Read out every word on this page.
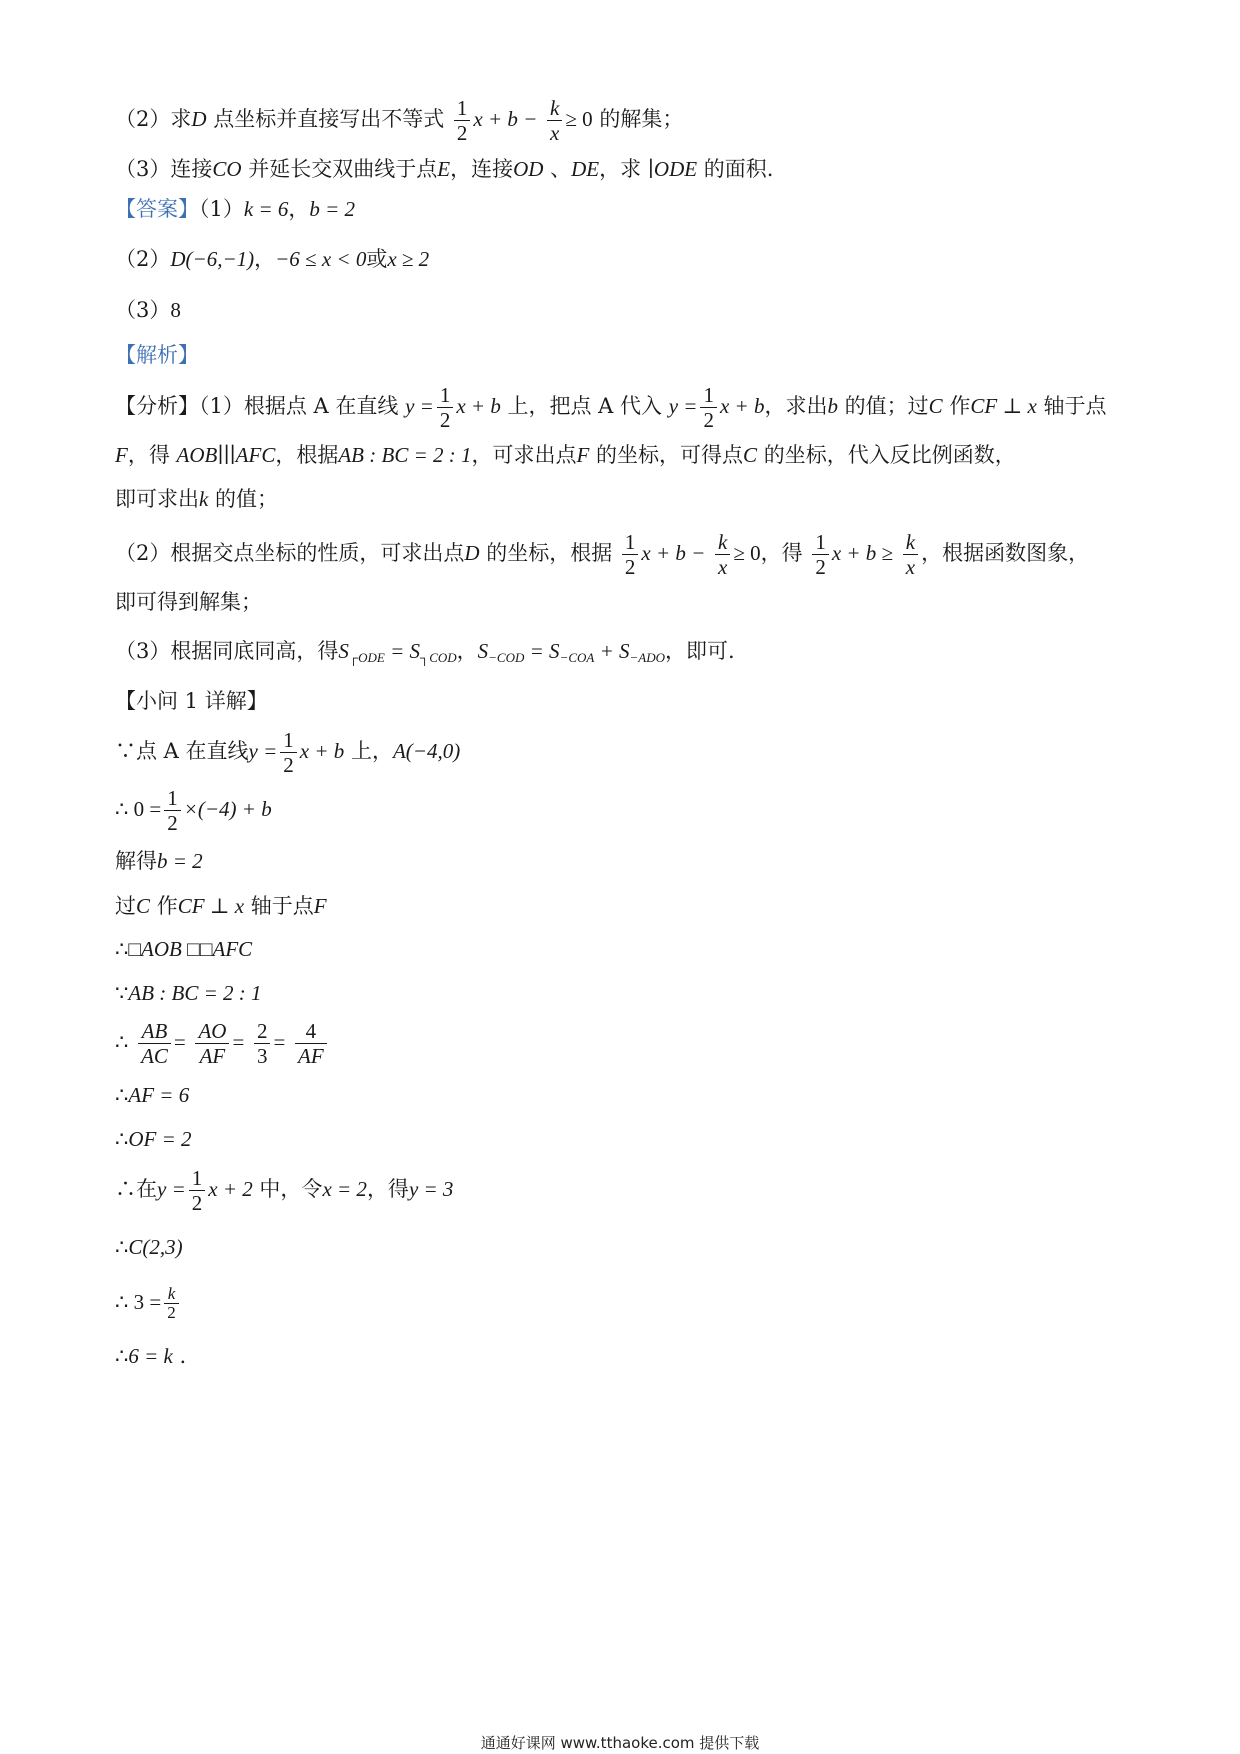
（2）求D 点坐标并直接写出不等式 $\frac{1}{2}$ $x + b - \frac{k}{x} \ge 0$ 的解集；
（3）连接CO 并延长交双曲线于点E，连接OD 、DE，求 ∣ODE 的面积.
【答案】（1）k = 6，b = 2
（2）D(−6,−1)，−6 ≤ x < 0或x ≥ 2
（3）8
【解析】
【分析】（1）根据点 A 在直线 $y = \frac{1}{2}$ x + b 上，把点 A 代入 $y = \frac{1}{2}$ x + b，求出b 的值；过C 作CF ⊥ x 轴于点
F，得 AOB∣∣∣AFC，根据AB : BC = 2 : 1，可求出点F 的坐标，可得点C 的坐标，代入反比例函数，
即可求出k 的值；
（2）根据交点坐标的性质，可求出点D 的坐标，根据 $\frac{1}{2}$ $x + b - \frac{k}{x} \ge 0$，得 $\frac{1}{2}$ $x + b \ge \frac{k}{x}$ ，根据函数图象，
即可得到解集；
（3）根据同底同高，得$S_{┌ODE} = S_{┐COD}$，$S_{-COD} = S_{-COA} + S_{-ADO}$，即可.
【小问 1 详解】
∵点 A 在直线$y = \frac{1}{2}$ x + b 上，A(−4,0)
∴ $0 = \frac{1}{2} \times(-4) + b$
解得b = 2
过C 作CF ⊥ x 轴于点F
∴□AOB □□AFC
∵AB : BC = 2 : 1
∴ $\frac{AB}{AC} = \frac{AO}{AF} = \frac{2}{3} = \frac{4}{AF}$
∴AF = 6
∴OF = 2
∴在$y = \frac{1}{2}$ x + 2 中，令x = 2，得y = 3
∴C(2,3)
∴ $3 = \frac{k}{2}$
∴6 = k .
通通好课网 www.tthaoke.com 提供下载
